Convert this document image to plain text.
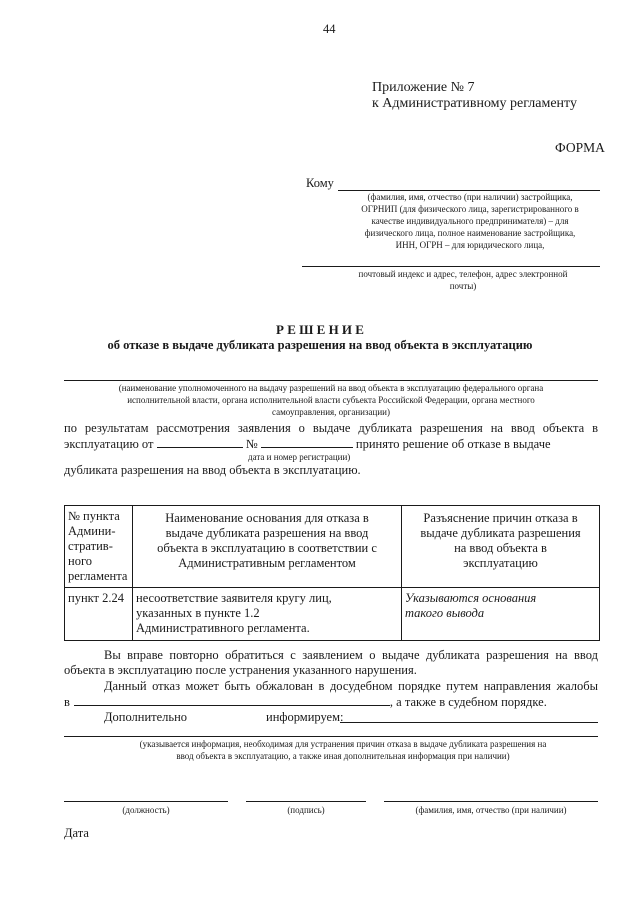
44
Приложение № 7
к Административному регламенту
ФОРМА
Кому
(фамилия, имя, отчество (при наличии) застройщика,
ОГРНИП (для физического лица, зарегистрированного в
качестве индивидуального предпринимателя) – для
физического лица, полное наименование застройщика,
ИНН, ОГРН – для юридического лица,
почтовый индекс и адрес, телефон, адрес электронной
почты)
Р Е Ш Е Н И Е
об отказе в выдаче дубликата разрешения на ввод объекта в эксплуатацию
(наименование уполномоченного на выдачу разрешений на ввод объекта в эксплуатацию федерального органа
исполнительной власти, органа исполнительной власти субъекта Российской Федерации, органа местного
самоуправления, организации)
по результатам рассмотрения заявления о выдаче дубликата разрешения на ввод объекта в
эксплуатацию от	№	принято решение об отказе в выдаче
дата и номер регистрации)
дубликата разрешения на ввод объекта в эксплуатацию.
№ пункта Админи-стратив-ного регламента	Наименование основания для отказа в выдаче дубликата разрешения на ввод объекта в эксплуатацию в соответствии с Административным регламентом	Разъяснение причин отказа в выдаче дубликата разрешения на ввод объекта в эксплуатацию
пункт 2.24	несоответствие заявителя кругу лиц, указанных в пункте 1.2 Административного регламента.	Указываются основания такого вывода
Вы вправе повторно обратиться с заявлением о выдаче дубликата разрешения на ввод
объекта в эксплуатацию после устранения указанного нарушения.
Данный отказ может быть обжалован в досудебном порядке путем направления жалобы
в	, а также в судебном порядке.
Дополнительно	информируем:
(указывается информация, необходимая для устранения причин отказа в выдаче дубликата разрешения на
ввод объекта в эксплуатацию, а также иная дополнительная информация при наличии)
(должность)	(подпись)	(фамилия, имя, отчество (при наличии)
Дата
